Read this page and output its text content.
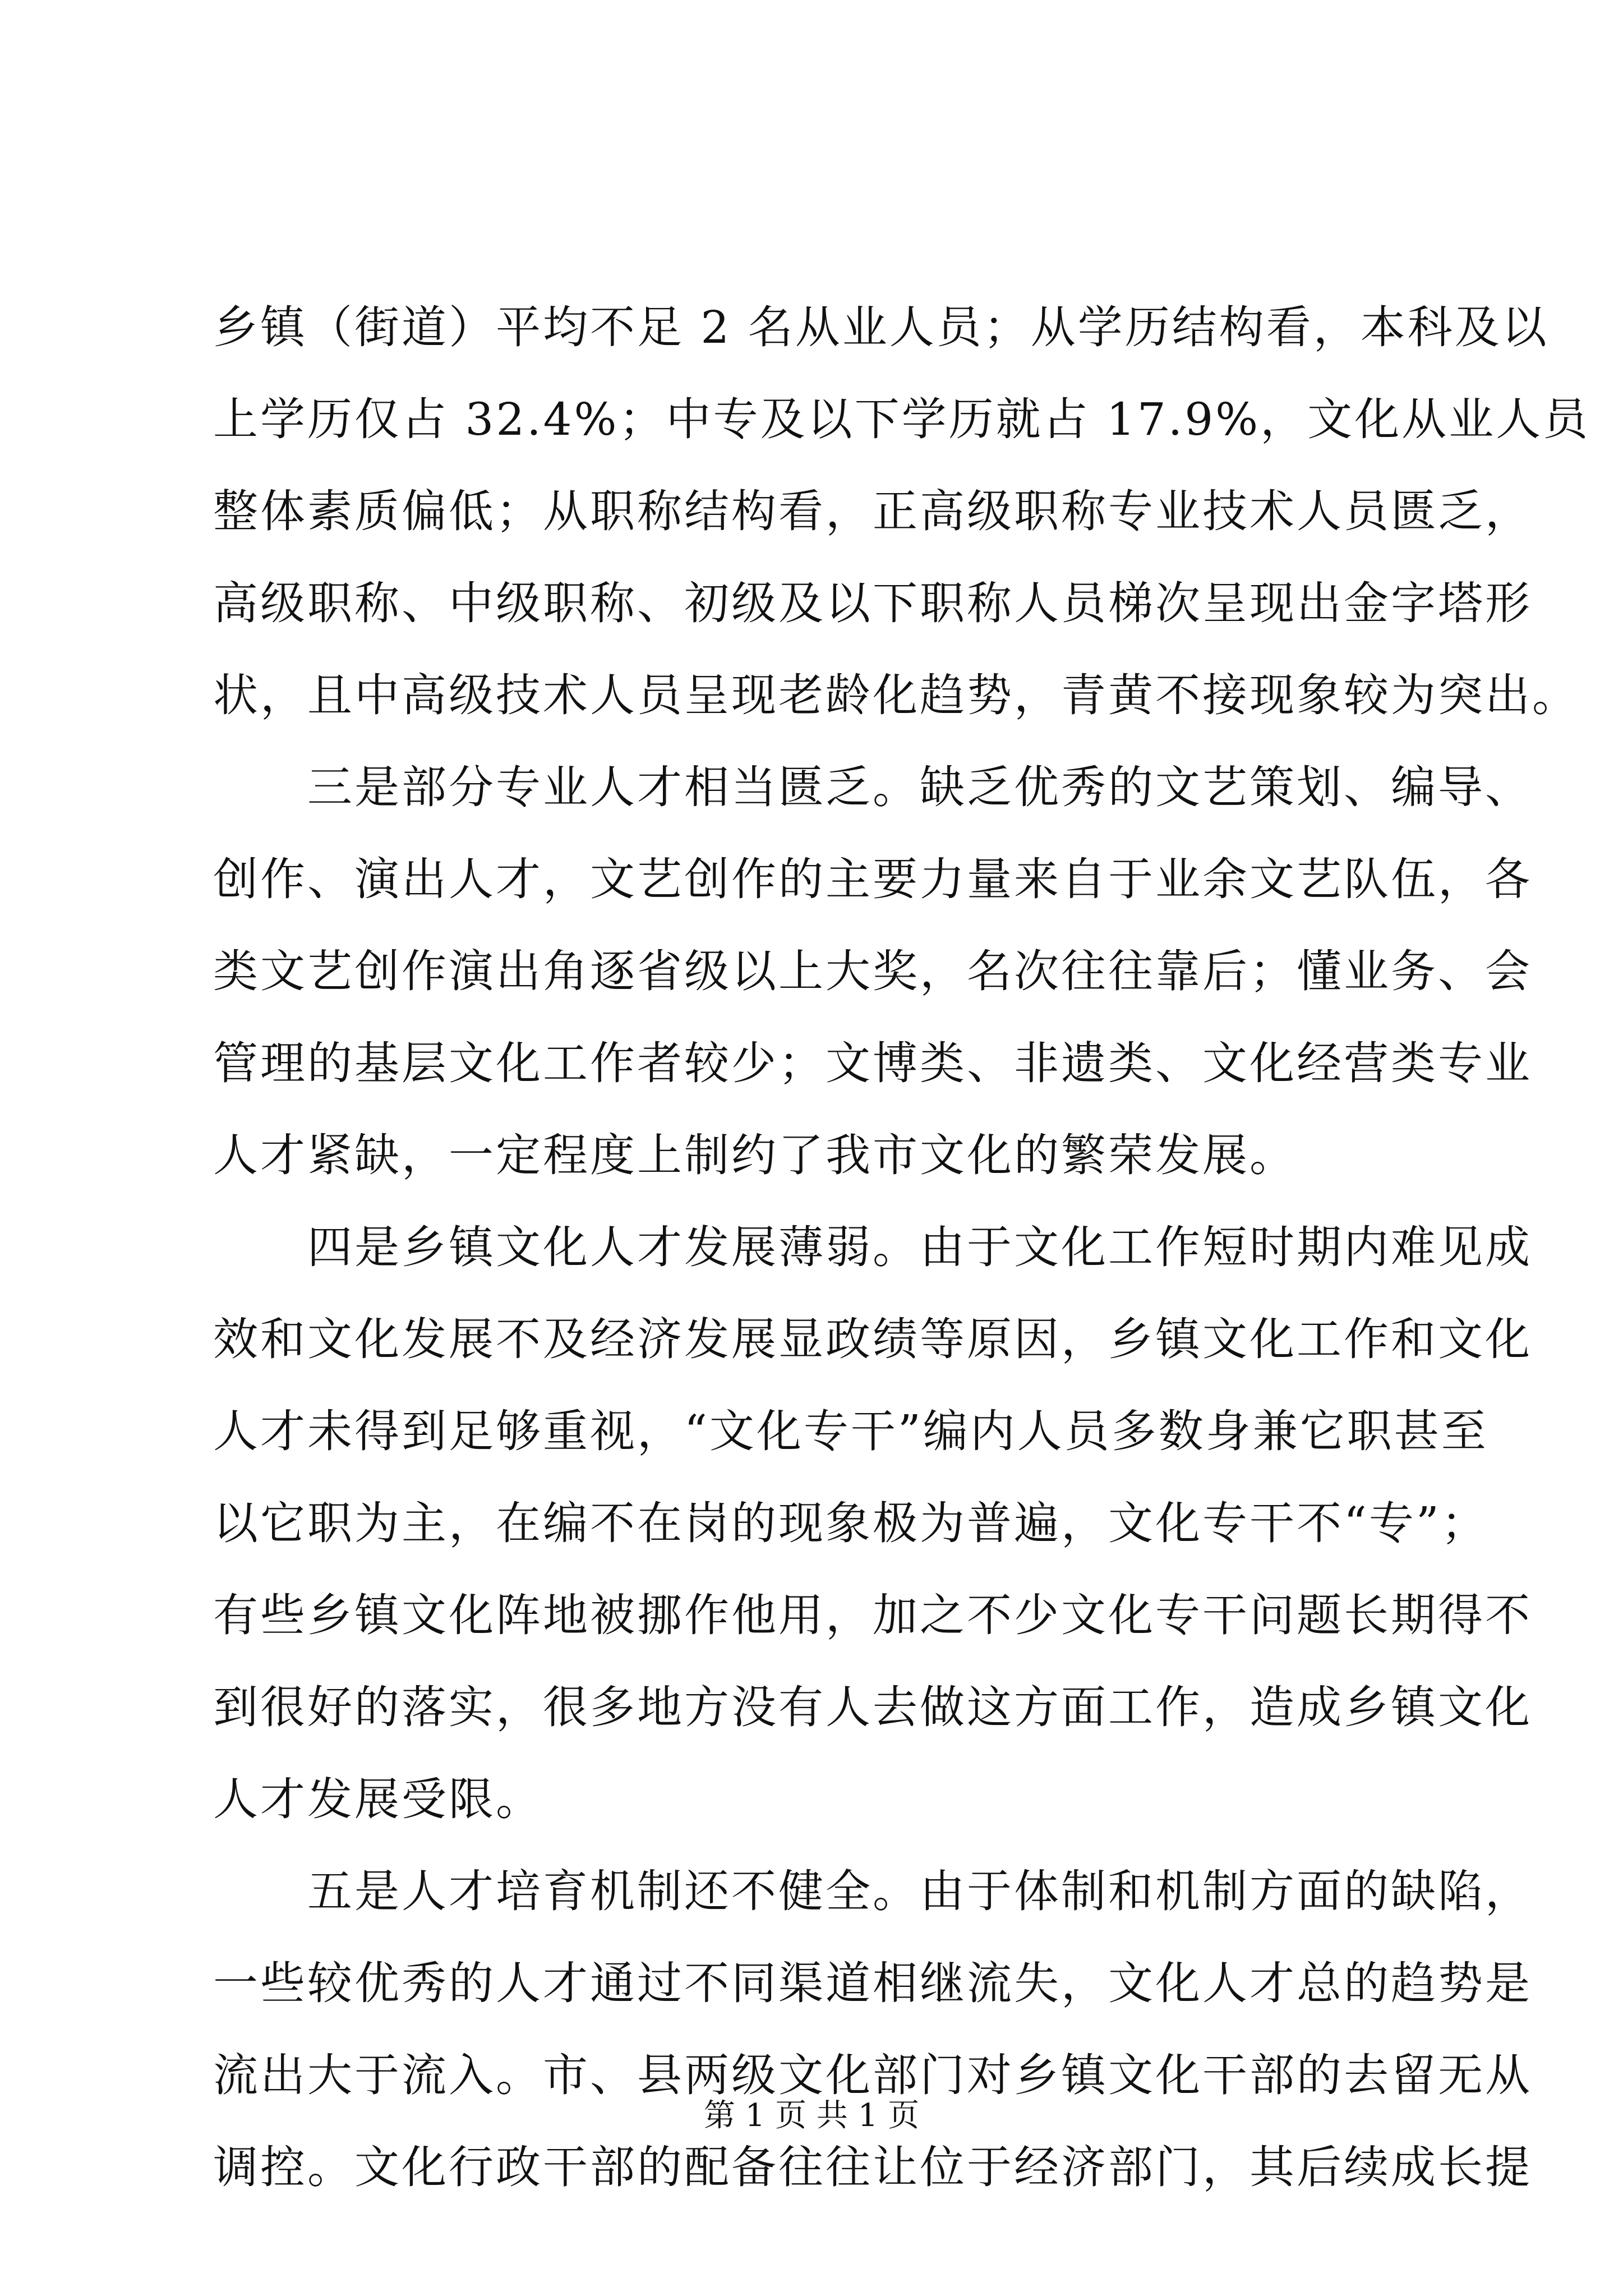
乡镇（街道）平均不足 2 名从业人员；从学历结构看，本科及以
上学历仅占 32.4%；中专及以下学历就占 17.9%，文化从业人员
整体素质偏低；从职称结构看，正高级职称专业技术人员匮乏，
高级职称、中级职称、初级及以下职称人员梯次呈现出金字塔形
状，且中高级技术人员呈现老龄化趋势，青黄不接现象较为突出。
三是部分专业人才相当匮乏。缺乏优秀的文艺策划、编导、
创作、演出人才，文艺创作的主要力量来自于业余文艺队伍，各
类文艺创作演出角逐省级以上大奖，名次往往靠后；懂业务、会
管理的基层文化工作者较少；文博类、非遗类、文化经营类专业
人才紧缺，一定程度上制约了我市文化的繁荣发展。
四是乡镇文化人才发展薄弱。由于文化工作短时期内难见成
效和文化发展不及经济发展显政绩等原因，乡镇文化工作和文化
人才未得到足够重视，“文化专干”编内人员多数身兼它职甚至
以它职为主，在编不在岗的现象极为普遍，文化专干不“专”；
有些乡镇文化阵地被挪作他用，加之不少文化专干问题长期得不
到很好的落实，很多地方没有人去做这方面工作，造成乡镇文化
人才发展受限。
五是人才培育机制还不健全。由于体制和机制方面的缺陷，
一些较优秀的人才通过不同渠道相继流失，文化人才总的趋势是
流出大于流入。市、县两级文化部门对乡镇文化干部的去留无从
调控。文化行政干部的配备往往让位于经济部门，其后续成长提
第 1 页 共 1 页
